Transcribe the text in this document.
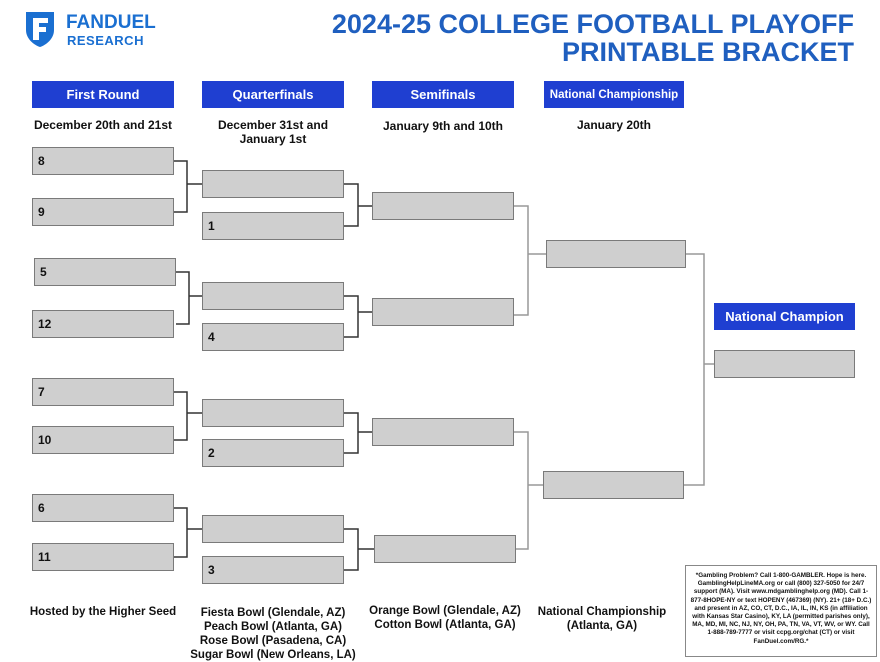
FANDUEL
RESEARCH
2024-25 COLLEGE FOOTBALL PLAYOFF
PRINTABLE BRACKET
First Round	Quarterfinals	Semifinals	National Championship
December 20th and 21st	December 31st and January 1st
January 9th and 10th	January 20th
8
9
5
12
7
10
6
11
1
4
2
3
National Champion
Hosted by the Higher Seed	Fiesta Bowl (Glendale, AZ)
Peach Bowl (Atlanta, GA)
Rose Bowl (Pasadena, CA)
Sugar Bowl (New Orleans, LA)
Orange Bowl (Glendale, AZ)
Cotton Bowl (Atlanta, GA)
National Championship
(Atlanta, GA)
*Gambling Problem? Call 1-800-GAMBLER. Hope is here. GamblingHelpLineMA.org or call (800) 327-5050 for 24/7 support (MA). Visit www.mdgamblinghelp.org (MD). Call 1-877-8HOPE-NY or text HOPENY (467369) (NY). 21+ (18+ D.C.) and present in AZ, CO, CT, D.C., IA, IL, IN, KS (in affiliation with Kansas Star Casino), KY, LA (permitted parishes only), MA, MD, MI, NC, NJ, NY, OH, PA, TN, VA, VT, WV, or WY. Call 1-888-789-7777 or visit ccpg.org/chat (CT) or visit FanDuel.com/RG.*
